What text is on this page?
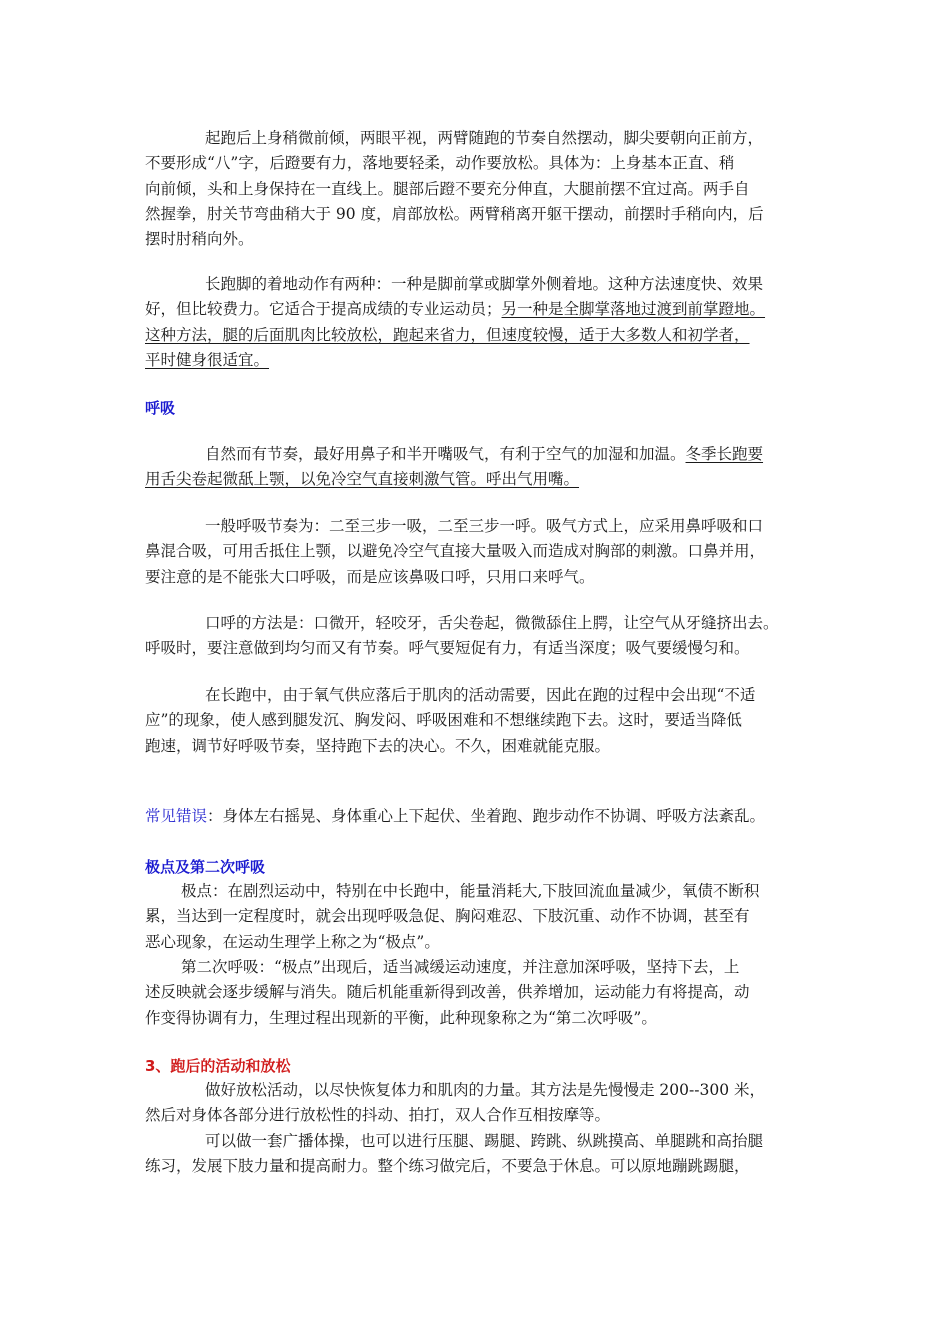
起跑后上身稍微前倾，两眼平视，两臂随跑的节奏自然摆动，脚尖要朝向正前方，
不要形成“八”字，后蹬要有力，落地要轻柔，动作要放松。具体为：上身基本正直、稍
向前倾，头和上身保持在一直线上。腿部后蹬不要充分伸直，大腿前摆不宜过高。两手自
然握拳，肘关节弯曲稍大于 90 度，肩部放松。两臂稍离开躯干摆动，前摆时手稍向内，后
摆时肘稍向外。
长跑脚的着地动作有两种：一种是脚前掌或脚掌外侧着地。这种方法速度快、效果
好，但比较费力。它适合于提高成绩的专业运动员；另一种是全脚掌落地过渡到前掌蹬地。
这种方法，腿的后面肌肉比较放松，跑起来省力，但速度较慢，适于大多数人和初学者，
平时健身很适宜。
呼吸
自然而有节奏，最好用鼻子和半开嘴吸气，有利于空气的加湿和加温。冬季长跑要
用舌尖卷起微舐上颚，以免冷空气直接刺激气管。呼出气用嘴。
一般呼吸节奏为：二至三步一吸，二至三步一呼。吸气方式上，应采用鼻呼吸和口
鼻混合吸，可用舌抵住上颚，以避免冷空气直接大量吸入而造成对胸部的刺激。口鼻并用，
要注意的是不能张大口呼吸，而是应该鼻吸口呼，只用口来呼气。
口呼的方法是：口微开，轻咬牙，舌尖卷起，微微舔住上腭，让空气从牙缝挤出去。
呼吸时，要注意做到均匀而又有节奏。呼气要短促有力，有适当深度；吸气要缓慢匀和。
在长跑中，由于氧气供应落后于肌肉的活动需要，因此在跑的过程中会出现“不适
应”的现象，使人感到腿发沉、胸发闷、呼吸困难和不想继续跑下去。这时，要适当降低
跑速，调节好呼吸节奏，坚持跑下去的决心。不久，困难就能克服。
常见错误：身体左右摇晃、身体重心上下起伏、坐着跑、跑步动作不协调、呼吸方法紊乱。
极点及第二次呼吸
极点：在剧烈运动中，特别在中长跑中，能量消耗大,下肢回流血量减少，氧债不断积
累，当达到一定程度时，就会出现呼吸急促、胸闷难忍、下肢沉重、动作不协调，甚至有
恶心现象，在运动生理学上称之为“极点”。
第二次呼吸：“极点”出现后，适当减缓运动速度，并注意加深呼吸，坚持下去，上
述反映就会逐步缓解与消失。随后机能重新得到改善，供养增加，运动能力有将提高，动
作变得协调有力，生理过程出现新的平衡，此种现象称之为“第二次呼吸”。
3、跑后的活动和放松
做好放松活动，以尽快恢复体力和肌肉的力量。其方法是先慢慢走 200--300 米，
然后对身体各部分进行放松性的抖动、拍打，双人合作互相按摩等。
可以做一套广播体操，也可以进行压腿、踢腿、跨跳、纵跳摸高、单腿跳和高抬腿
练习，发展下肢力量和提高耐力。整个练习做完后，不要急于休息。可以原地蹦跳踢腿，
